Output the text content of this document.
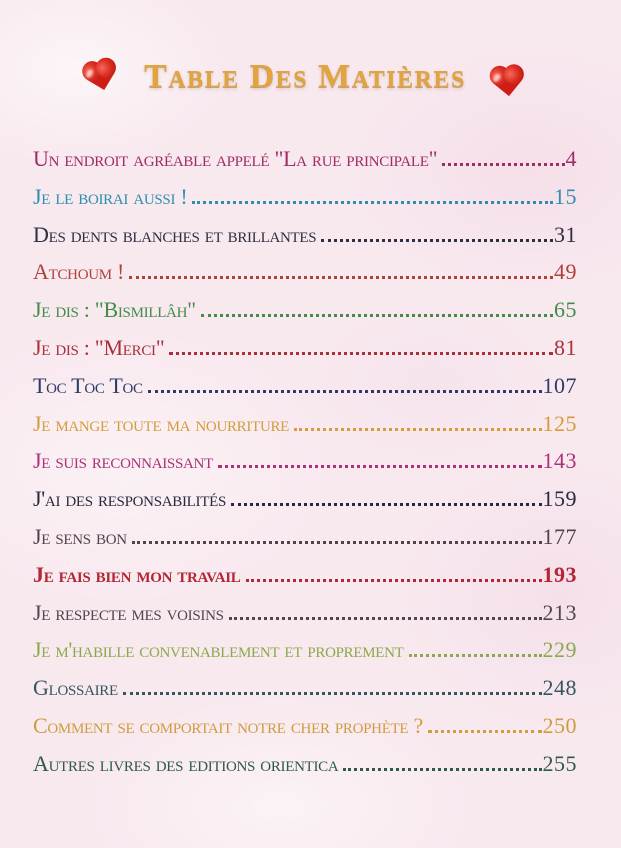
Table Des Matières
Un endroit agréable appelé "La rue principale"	4
Je le boirai aussi !	15
Des dents blanches et brillantes	31
Atchoum !	49
Je dis : "Bismillâh"	65
Je dis : "Merci"	81
Toc Toc Toc	107
Je mange toute ma nourriture	125
Je suis reconnaissant	143
J'ai des responsabilités	159
Je sens bon	177
Je fais bien mon travail	193
Je respecte mes voisins	213
Je m'habille convenablement et proprement	229
Glossaire	248
Comment se comportait notre cher prophète ?	250
Autres livres des editions orientica	255
